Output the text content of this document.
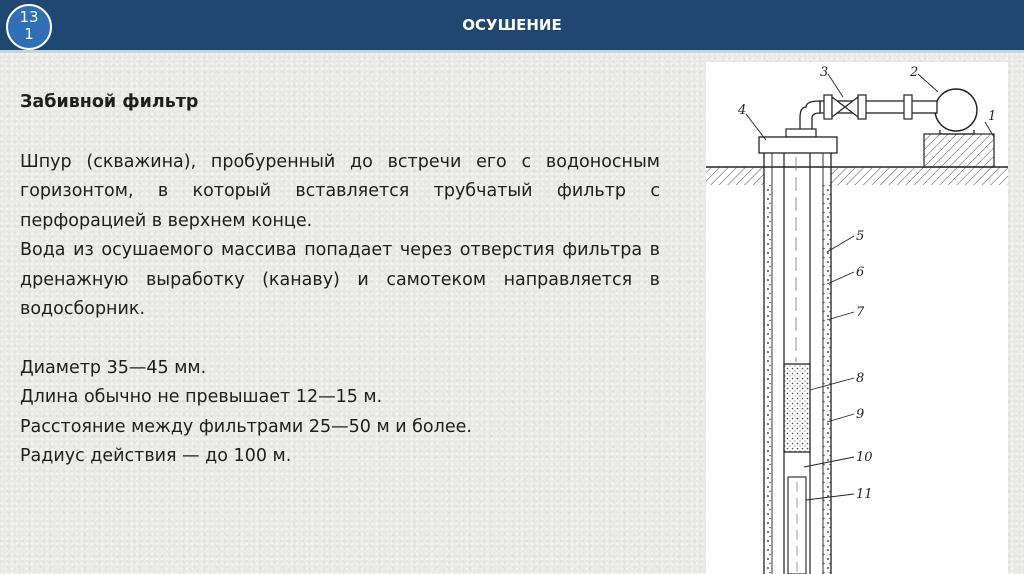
13
1	ОСУШЕНИЕ

Забивной фильтр

Шпур (скважина), пробуренный до встречи его с водоносным горизонтом, в который вставляется трубчатый фильтр с перфорацией в верхнем конце.

Вода из осушаемого массива попадает через отверстия фильтра в дренажную выработку (канаву) и самотеком направляется в водосборник.

Диаметр 35—45 мм.

Длина обычно не превышает 12—15 м.

Расстояние между фильтрами 25—50 м и более.

Радиус действия — до 100 м.

1
2
3
4
5
6
7
8
9
10
11
